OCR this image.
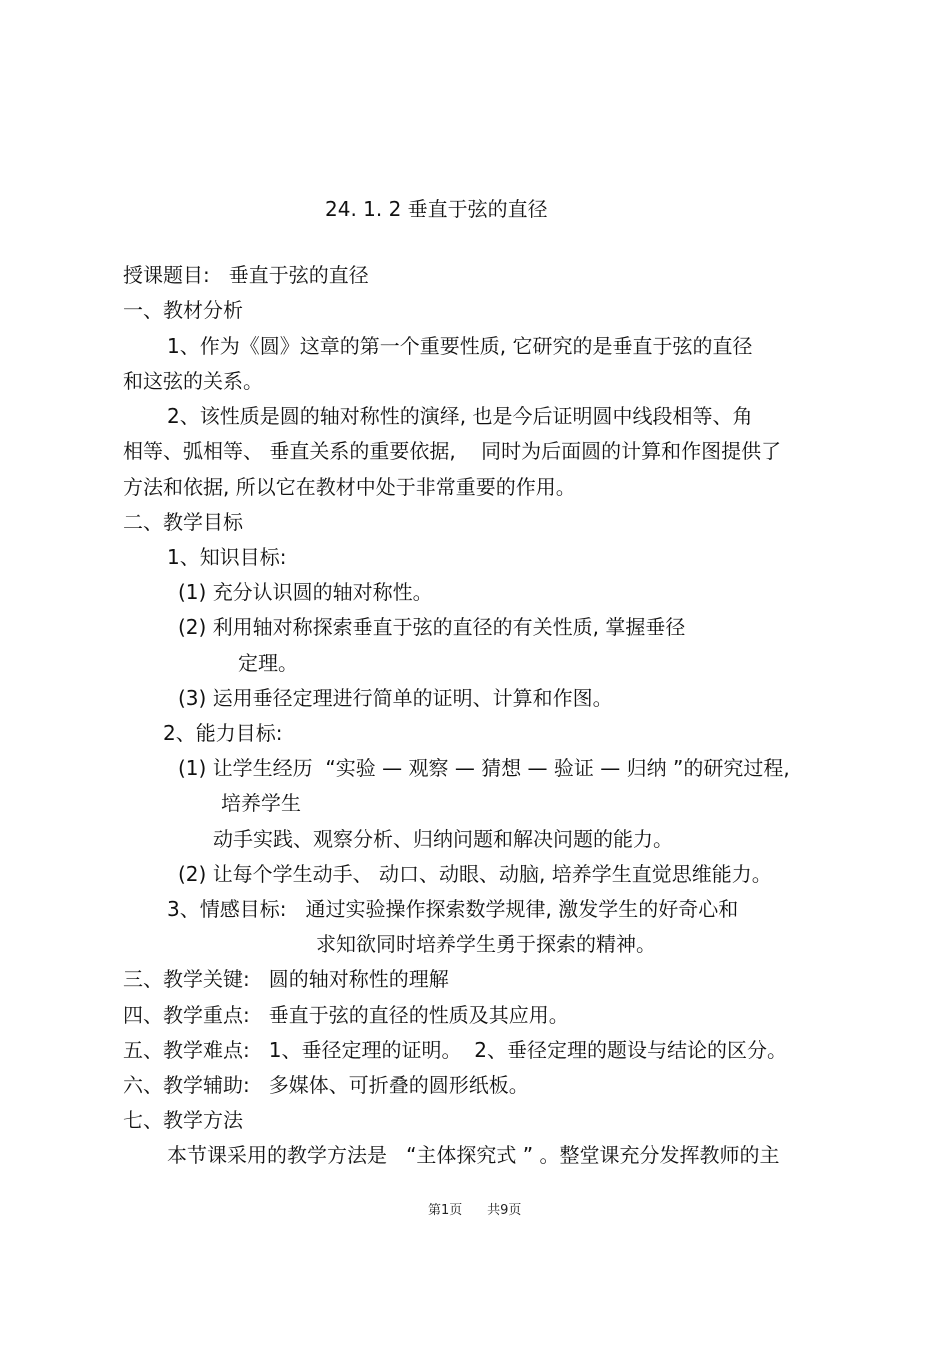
24. 1. 2 垂直于弦的直径
授课题目:   垂直于弦的直径
一、教材分析
1、作为《圆》这章的第一个重要性质, 它研究的是垂直于弦的直径
和这弦的关系。
2、该性质是圆的轴对称性的演绎, 也是今后证明圆中线段相等、角
相等、弧相等、 垂直关系的重要依据,    同时为后面圆的计算和作图提供了
方法和依据, 所以它在教材中处于非常重要的作用。
二、教学目标
1、知识目标:
(1) 充分认识圆的轴对称性。
(2) 利用轴对称探索垂直于弦的直径的有关性质, 掌握垂径
定理。
(3) 运用垂径定理进行简单的证明、计算和作图。
2、能力目标:
(1) 让学生经历  “实验 — 观察 — 猜想 — 验证 — 归纳 ”的研究过程,
培养学生
动手实践、观察分析、归纳问题和解决问题的能力。
(2) 让每个学生动手、 动口、动眼、动脑, 培养学生直觉思维能力。
3、情感目标:   通过实验操作探索数学规律, 激发学生的好奇心和
求知欲同时培养学生勇于探索的精神。
三、教学关键:   圆的轴对称性的理解
四、教学重点:   垂直于弦的直径的性质及其应用。
五、教学难点:   1、垂径定理的证明。  2、垂径定理的题设与结论的区分。
六、教学辅助:   多媒体、可折叠的圆形纸板。
七、教学方法
本节课采用的教学方法是   “主体探究式 ” 。整堂课充分发挥教师的主
第1页      共9页
